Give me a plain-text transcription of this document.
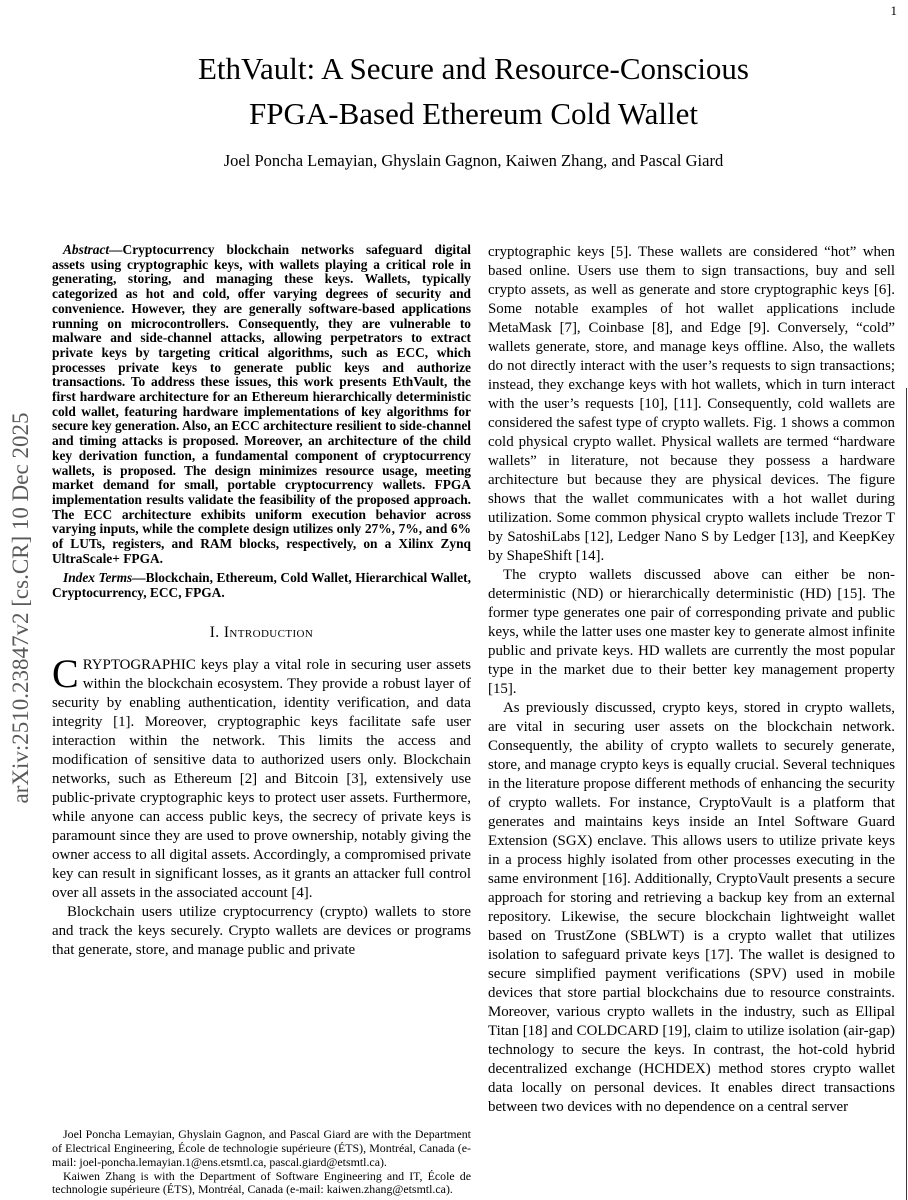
1
arXiv:2510.23847v2 [cs.CR] 10 Dec 2025
EthVault: A Secure and Resource-Conscious
FPGA-Based Ethereum Cold Wallet
Joel Poncha Lemayian, Ghyslain Gagnon, Kaiwen Zhang, and Pascal Giard

Abstract—Cryptocurrency blockchain networks safeguard digital assets using cryptographic keys, with wallets playing a critical role in generating, storing, and managing these keys. Wallets, typically categorized as hot and cold, offer varying degrees of security and convenience. However, they are generally software-based applications running on microcontrollers. Consequently, they are vulnerable to malware and side-channel attacks, allowing perpetrators to extract private keys by targeting critical algorithms, such as ECC, which processes private keys to generate public keys and authorize transactions. To address these issues, this work presents EthVault, the first hardware architecture for an Ethereum hierarchically deterministic cold wallet, featuring hardware implementations of key algorithms for secure key generation. Also, an ECC architecture resilient to side-channel and timing attacks is proposed. Moreover, an architecture of the child key derivation function, a fundamental component of cryptocurrency wallets, is proposed. The design minimizes resource usage, meeting market demand for small, portable cryptocurrency wallets. FPGA implementation results validate the feasibility of the proposed approach. The ECC architecture exhibits uniform execution behavior across varying inputs, while the complete design utilizes only 27%, 7%, and 6% of LUTs, registers, and RAM blocks, respectively, on a Xilinx Zynq UltraScale+ FPGA.

Index Terms—Blockchain, Ethereum, Cold Wallet, Hierarchical Wallet, Cryptocurrency, ECC, FPGA.

I. Introduction

CRYPTOGRAPHIC keys play a vital role in securing user assets within the blockchain ecosystem. They provide a robust layer of security by enabling authentication, identity verification, and data integrity [1]. Moreover, cryptographic keys facilitate safe user interaction within the network. This limits the access and modification of sensitive data to authorized users only. Blockchain networks, such as Ethereum [2] and Bitcoin [3], extensively use public-private cryptographic keys to protect user assets. Furthermore, while anyone can access public keys, the secrecy of private keys is paramount since they are used to prove ownership, notably giving the owner access to all digital assets. Accordingly, a compromised private key can result in significant losses, as it grants an attacker full control over all assets in the associated account [4].

Blockchain users utilize cryptocurrency (crypto) wallets to store and track the keys securely. Crypto wallets are devices or programs that generate, store, and manage public and private

Joel Poncha Lemayian, Ghyslain Gagnon, and Pascal Giard are with the Department of Electrical Engineering, École de technologie supérieure (ÉTS), Montréal, Canada (e-mail: joel-poncha.lemayian.1@ens.etsmtl.ca, pascal.giard@etsmtl.ca).

Kaiwen Zhang is with the Department of Software Engineering and IT, École de technologie supérieure (ÉTS), Montréal, Canada (e-mail: kaiwen.zhang@etsmtl.ca).

cryptographic keys [5]. These wallets are considered “hot” when based online. Users use them to sign transactions, buy and sell crypto assets, as well as generate and store cryptographic keys [6]. Some notable examples of hot wallet applications include MetaMask [7], Coinbase [8], and Edge [9]. Conversely, “cold” wallets generate, store, and manage keys offline. Also, the wallets do not directly interact with the user’s requests to sign transactions; instead, they exchange keys with hot wallets, which in turn interact with the user’s requests [10], [11]. Consequently, cold wallets are considered the safest type of crypto wallets. Fig. 1 shows a common cold physical crypto wallet. Physical wallets are termed “hardware wallets” in literature, not because they possess a hardware architecture but because they are physical devices. The figure shows that the wallet communicates with a hot wallet during utilization. Some common physical crypto wallets include Trezor T by SatoshiLabs [12], Ledger Nano S by Ledger [13], and KeepKey by ShapeShift [14].

The crypto wallets discussed above can either be non-deterministic (ND) or hierarchically deterministic (HD) [15]. The former type generates one pair of corresponding private and public keys, while the latter uses one master key to generate almost infinite public and private keys. HD wallets are currently the most popular type in the market due to their better key management property [15].

As previously discussed, crypto keys, stored in crypto wallets, are vital in securing user assets on the blockchain network. Consequently, the ability of crypto wallets to securely generate, store, and manage crypto keys is equally crucial. Several techniques in the literature propose different methods of enhancing the security of crypto wallets. For instance, CryptoVault is a platform that generates and maintains keys inside an Intel Software Guard Extension (SGX) enclave. This allows users to utilize private keys in a process highly isolated from other processes executing in the same environment [16]. Additionally, CryptoVault presents a secure approach for storing and retrieving a backup key from an external repository. Likewise, the secure blockchain lightweight wallet based on TrustZone (SBLWT) is a crypto wallet that utilizes isolation to safeguard private keys [17]. The wallet is designed to secure simplified payment verifications (SPV) used in mobile devices that store partial blockchains due to resource constraints. Moreover, various crypto wallets in the industry, such as Ellipal Titan [18] and COLDCARD [19], claim to utilize isolation (air-gap) technology to secure the keys. In contrast, the hot-cold hybrid decentralized exchange (HCHDEX) method stores crypto wallet data locally on personal devices. It enables direct transactions between two devices with no dependence on a central server
